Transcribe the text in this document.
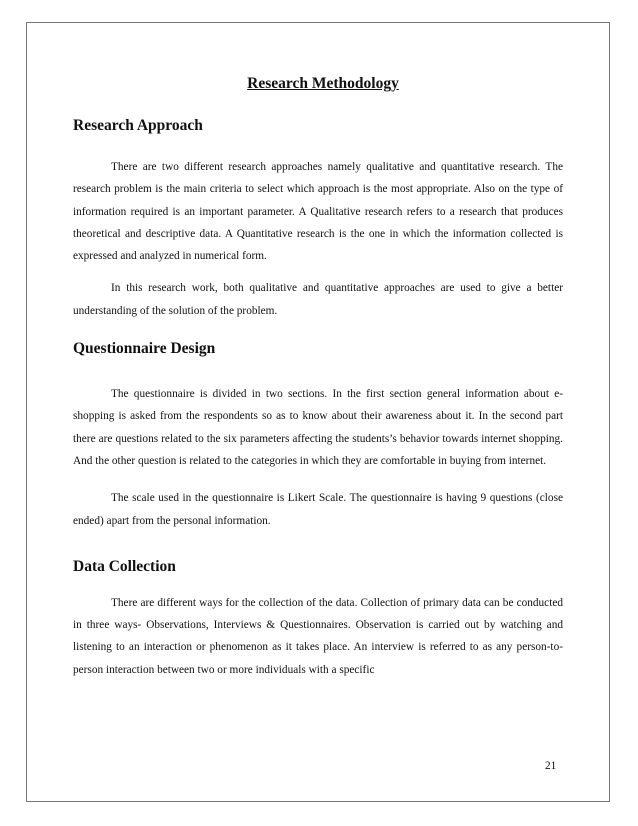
Research Methodology
Research Approach

There are two different research approaches namely qualitative and quantitative research. The research problem is the main criteria to select which approach is the most appropriate. Also on the type of information required is an important parameter. A Qualitative research refers to a research that produces theoretical and descriptive data. A Quantitative research is the one in which the information collected is expressed and analyzed in numerical form.

In this research work, both qualitative and quantitative approaches are used to give a better understanding of the solution of the problem.

Questionnaire Design

The questionnaire is divided in two sections. In the first section general information about e-shopping is asked from the respondents so as to know about their awareness about it. In the second part there are questions related to the six parameters affecting the students’s behavior towards internet shopping. And the other question is related to the categories in which they are comfortable in buying from internet.

The scale used in the questionnaire is Likert Scale. The questionnaire is having 9 questions (close ended) apart from the personal information.

Data Collection

There are different ways for the collection of the data. Collection of primary data can be conducted in three ways- Observations, Interviews & Questionnaires. Observation is carried out by watching and listening to an interaction or phenomenon as it takes place. An interview is referred to as any person-to-person interaction between two or more individuals with a specific

21
